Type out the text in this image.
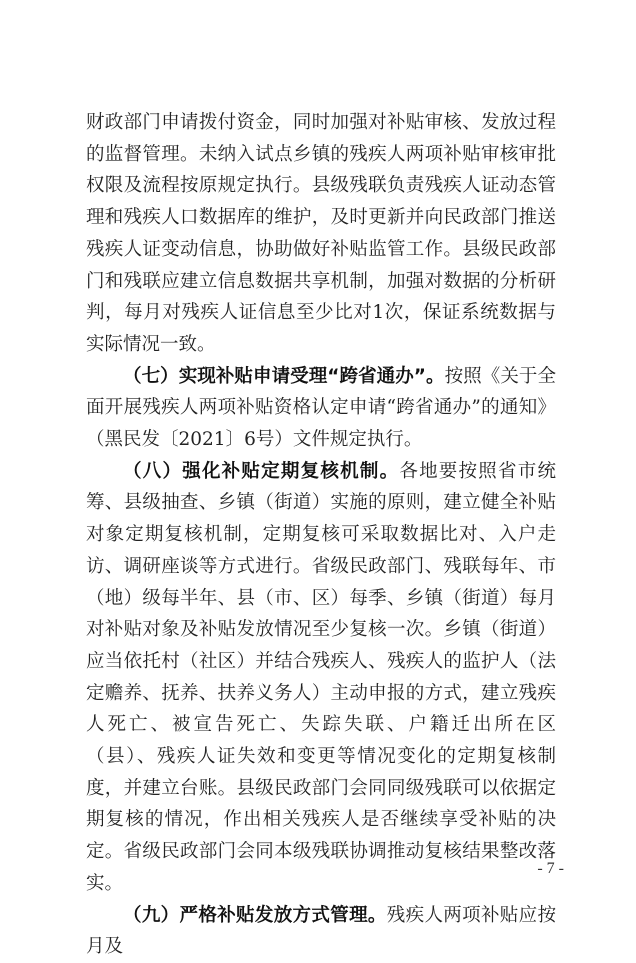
财政部门申请拨付资金，同时加强对补贴审核、发放过程的监督管理。未纳入试点乡镇的残疾人两项补贴审核审批权限及流程按原规定执行。县级残联负责残疾人证动态管理和残疾人口数据库的维护，及时更新并向民政部门推送残疾人证变动信息，协助做好补贴监管工作。县级民政部门和残联应建立信息数据共享机制，加强对数据的分析研判，每月对残疾人证信息至少比对1次，保证系统数据与实际情况一致。

（七）实现补贴申请受理“跨省通办”。按照《关于全面开展残疾人两项补贴资格认定申请“跨省通办”的通知》（黑民发〔2021〕6号）文件规定执行。

（八）强化补贴定期复核机制。各地要按照省市统筹、县级抽查、乡镇（街道）实施的原则，建立健全补贴对象定期复核机制，定期复核可采取数据比对、入户走访、调研座谈等方式进行。省级民政部门、残联每年、市（地）级每半年、县（市、区）每季、乡镇（街道）每月对补贴对象及补贴发放情况至少复核一次。乡镇（街道）应当依托村（社区）并结合残疾人、残疾人的监护人（法定赡养、抚养、扶养义务人）主动申报的方式，建立残疾人死亡、被宣告死亡、失踪失联、户籍迁出所在区（县）、残疾人证失效和变更等情况变化的定期复核制度，并建立台账。县级民政部门会同同级残联可以依据定期复核的情况，作出相关残疾人是否继续享受补贴的决定。省级民政部门会同本级残联协调推动复核结果整改落实。

（九）严格补贴发放方式管理。残疾人两项补贴应按月及

- 7 -
